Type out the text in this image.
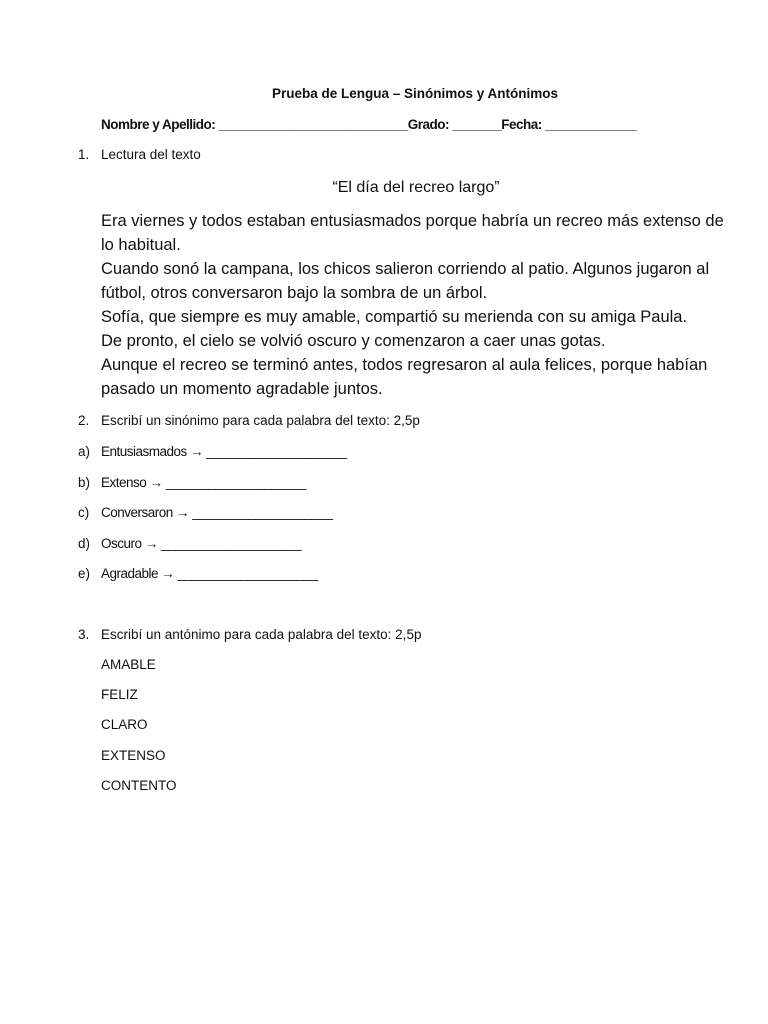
Prueba de Lengua – Sinónimos y Antónimos
Nombre y Apellido: ___________________________Grado: _______Fecha: _____________
1. Lectura del texto
“El día del recreo largo”

Era viernes y todos estaban entusiasmados porque habría un recreo más extenso de lo habitual.

Cuando sonó la campana, los chicos salieron corriendo al patio. Algunos jugaron al fútbol, otros conversaron bajo la sombra de un árbol.

Sofía, que siempre es muy amable, compartió su merienda con su amiga Paula.

De pronto, el cielo se volvió oscuro y comenzaron a caer unas gotas.

Aunque el recreo se terminó antes, todos regresaron al aula felices, porque habían pasado un momento agradable juntos.

2. Escribí un sinónimo para cada palabra del texto: 2,5p
a) Entusiasmados → ____________________
b) Extenso → ____________________
c) Conversaron → ____________________
d) Oscuro → ____________________
e) Agradable → ____________________
3. Escribí un antónimo para cada palabra del texto: 2,5p
AMABLE
FELIZ
CLARO
EXTENSO
CONTENTO
